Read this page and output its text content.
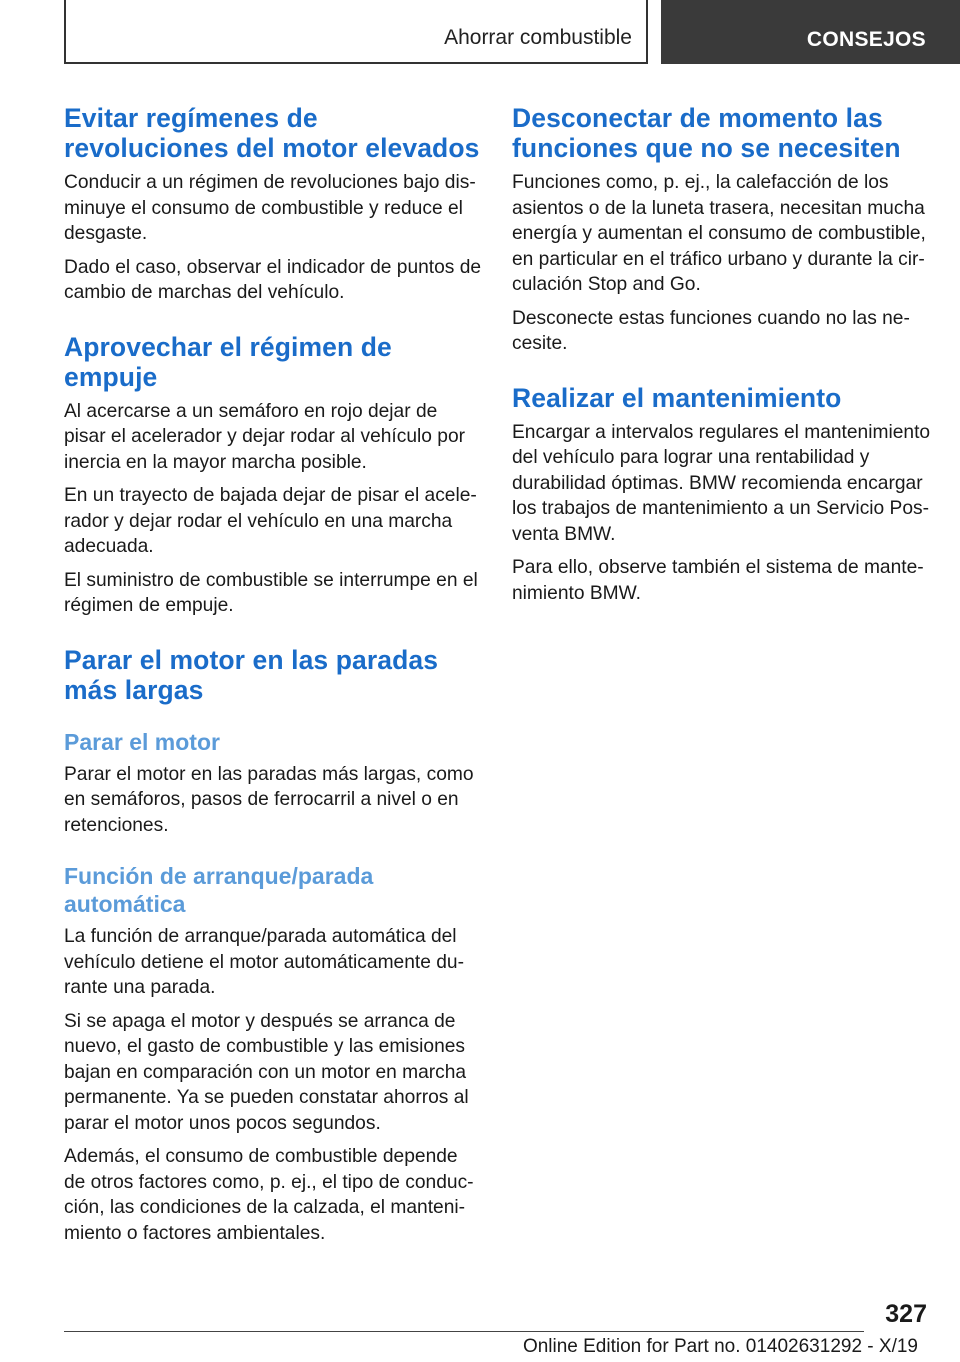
Ahorrar combustible	CONSEJOS
Evitar regímenes de revoluciones del motor elevados

Conducir a un régimen de revoluciones bajo disminuye el consumo de combustible y reduce el desgaste.

Dado el caso, observar el indicador de puntos de cambio de marchas del vehículo.

Aprovechar el régimen de empuje

Al acercarse a un semáforo en rojo dejar de pisar el acelerador y dejar rodar al vehículo por inercia en la mayor marcha posible.

En un trayecto de bajada dejar de pisar el acelerador y dejar rodar el vehículo en una marcha adecuada.

El suministro de combustible se interrumpe en el régimen de empuje.

Parar el motor en las paradas más largas
Parar el motor

Parar el motor en las paradas más largas, como en semáforos, pasos de ferrocarril a nivel o en retenciones.

Función de arranque/parada automática

La función de arranque/parada automática del vehículo detiene el motor automáticamente durante una parada.

Si se apaga el motor y después se arranca de nuevo, el gasto de combustible y las emisiones bajan en comparación con un motor en marcha permanente. Ya se pueden constatar ahorros al parar el motor unos pocos segundos.

Además, el consumo de combustible depende de otros factores como, p. ej., el tipo de conducción, las condiciones de la calzada, el mantenimiento o factores ambientales.

Desconectar de momento las funciones que no se necesiten

Funciones como, p. ej., la calefacción de los asientos o de la luneta trasera, necesitan mucha energía y aumentan el consumo de combustible, en particular en el tráfico urbano y durante la circulación Stop and Go.

Desconecte estas funciones cuando no las necesite.

Realizar el mantenimiento

Encargar a intervalos regulares el mantenimiento del vehículo para lograr una rentabilidad y durabilidad óptimas. BMW recomienda encargar los trabajos de mantenimiento a un Servicio Posventa BMW.

Para ello, observe también el sistema de mantenimiento BMW.

327
Online Edition for Part no. 01402631292 - X/19
